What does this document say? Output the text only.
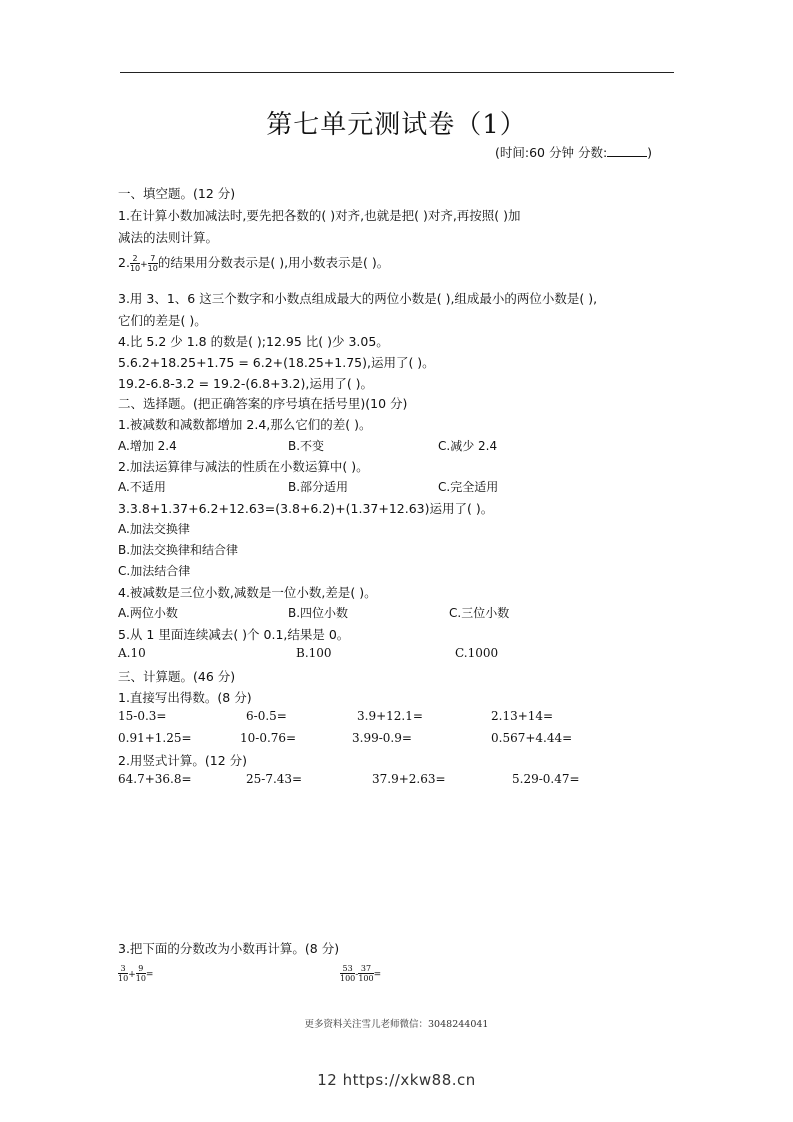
第七单元测试卷（1）
(时间:60 分钟 分数:	)
一、填空题。(12 分)
1.在计算小数加减法时,要先把各数的( )对齐,也就是把( )对齐,再按照( )加
减法的法则计算。
2. $\frac{2}{10} + \frac{7}{10}$ 的结果用分数表示是( ),用小数表示是( )。
3.用 3、1、6 这三个数字和小数点组成最大的两位小数是( ),组成最小的两位小数是( ),
它们的差是( )。
4.比 5.2 少 1.8 的数是( );12.95 比( )少 3.05。
5.6.2+18.25+1.75 = 6.2+(18.25+1.75),运用了( )。
19.2-6.8-3.2 = 19.2-(6.8+3.2),运用了( )。
二、选择题。(把正确答案的序号填在括号里)(10 分)
1.被减数和减数都增加 2.4,那么它们的差( )。
A.增加 2.4	B.不变	C.减少 2.4
2.加法运算律与减法的性质在小数运算中( )。
A.不适用	B.部分适用	C.完全适用
3.3.8+1.37+6.2+12.63=(3.8+6.2)+(1.37+12.63)运用了( )。
A.加法交换律
B.加法交换律和结合律
C.加法结合律
4.被减数是三位小数,减数是一位小数,差是( )。
A.两位小数	B.四位小数	C.三位小数
5.从 1 里面连续减去( )个 0.1,结果是 0。
A.10	B.100	C.1000
三、计算题。(46 分)
1.直接写出得数。(8 分)
15-0.3=	6-0.5=	3.9+12.1=	2.13+14=
0.91+1.25=	10-0.76=	3.99-0.9=	0.567+4.44=
2.用竖式计算。(12 分)
64.7+36.8=	25-7.43=	37.9+2.63=	5.29-0.47=
3.把下面的分数改为小数再计算。(8 分)
$\frac{3}{10} + \frac{9}{10}$ =	$\frac{53}{100} - \frac{37}{100}$ =
更多资料关注雪儿老师微信：3048244041
12 https://xkw88.cn
